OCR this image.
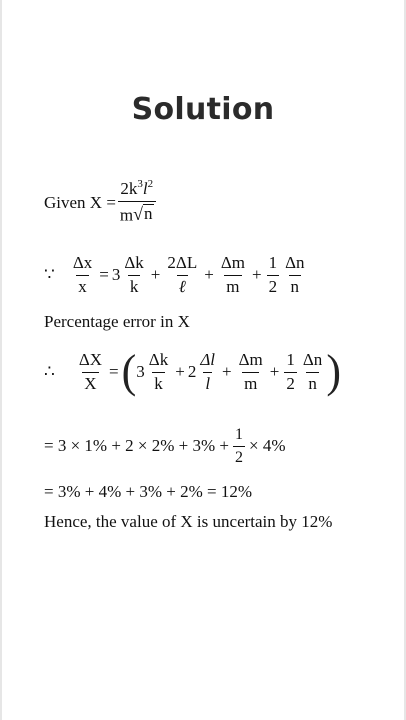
Solution
Given $X = \frac{2k^3l^2}{m √ n}$
∵ $\frac{\Delta x}{x} = 3 \frac{\Delta k}{k} + \frac{2\Delta L}{\text{ℓ}} + \frac{\Delta m}{m} + \frac{1}{2} \frac{\Delta n}{n}$
Percentage error in X
∴ $\frac{\Delta X}{X}$ = ( $3 \frac{\Delta k}{k} + 2 \frac{\Delta l}{l} + \frac{\Delta m}{m} + \frac{1}{2} \frac{\Delta n}{n}$ )
= $3 \times 1\% + 2 \times 2\% + 3\% + \frac{1}{2} \times 4\%$
= 3% + 4% + 3% + 2% = 12%
Hence, the value of X is uncertain by 12%
